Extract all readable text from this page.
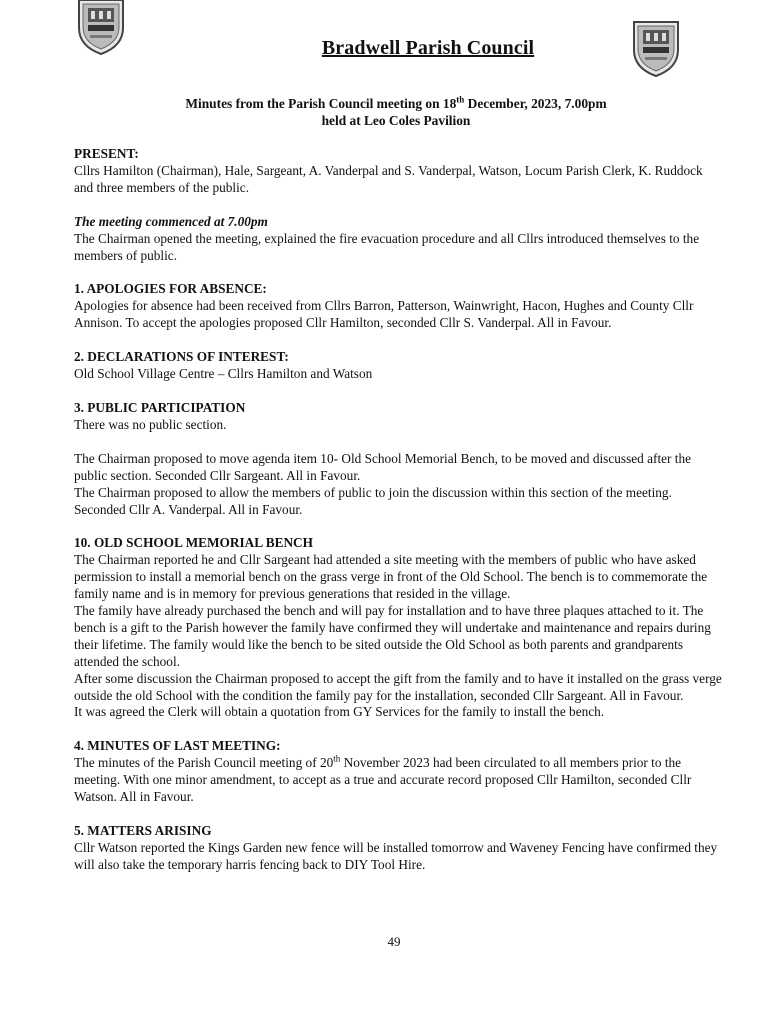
Bradwell Parish Council
Minutes from the Parish Council meeting on 18th December, 2023, 7.00pm
held at Leo Coles Pavilion
PRESENT:

Cllrs Hamilton (Chairman), Hale, Sargeant, A. Vanderpal and S. Vanderpal, Watson, Locum Parish Clerk, K. Ruddock and three members of the public.

The meeting commenced at 7.00pm

The Chairman opened the meeting, explained the fire evacuation procedure and all Cllrs introduced themselves to the members of public.

1. APOLOGIES FOR ABSENCE:

Apologies for absence had been received from Cllrs Barron, Patterson, Wainwright, Hacon, Hughes and County Cllr Annison. To accept the apologies proposed Cllr Hamilton, seconded Cllr S. Vanderpal. All in Favour.

2. DECLARATIONS OF INTEREST:

Old School Village Centre – Cllrs Hamilton and Watson

3. PUBLIC PARTICIPATION

There was no public section.

The Chairman proposed to move agenda item 10- Old School Memorial Bench, to be moved and discussed after the public section. Seconded Cllr Sargeant. All in Favour.

The Chairman proposed to allow the members of public to join the discussion within this section of the meeting. Seconded Cllr A. Vanderpal. All in Favour.

10. OLD SCHOOL MEMORIAL BENCH

The Chairman reported he and Cllr Sargeant had attended a site meeting with the members of public who have asked permission to install a memorial bench on the grass verge in front of the Old School. The bench is to commemorate the family name and is in memory for previous generations that resided in the village.

The family have already purchased the bench and will pay for installation and to have three plaques attached to it. The bench is a gift to the Parish however the family have confirmed they will undertake and maintenance and repairs during their lifetime. The family would like the bench to be sited outside the Old School as both parents and grandparents attended the school.

After some discussion the Chairman proposed to accept the gift from the family and to have it installed on the grass verge outside the old School with the condition the family pay for the installation, seconded Cllr Sargeant. All in Favour.

It was agreed the Clerk will obtain a quotation from GY Services for the family to install the bench.

4. MINUTES OF LAST MEETING:

The minutes of the Parish Council meeting of 20th November 2023 had been circulated to all members prior to the meeting. With one minor amendment, to accept as a true and accurate record proposed Cllr Hamilton, seconded Cllr Watson. All in Favour.

5. MATTERS ARISING

Cllr Watson reported the Kings Garden new fence will be installed tomorrow and Waveney Fencing have confirmed they will also take the temporary harris fencing back to DIY Tool Hire.

49
